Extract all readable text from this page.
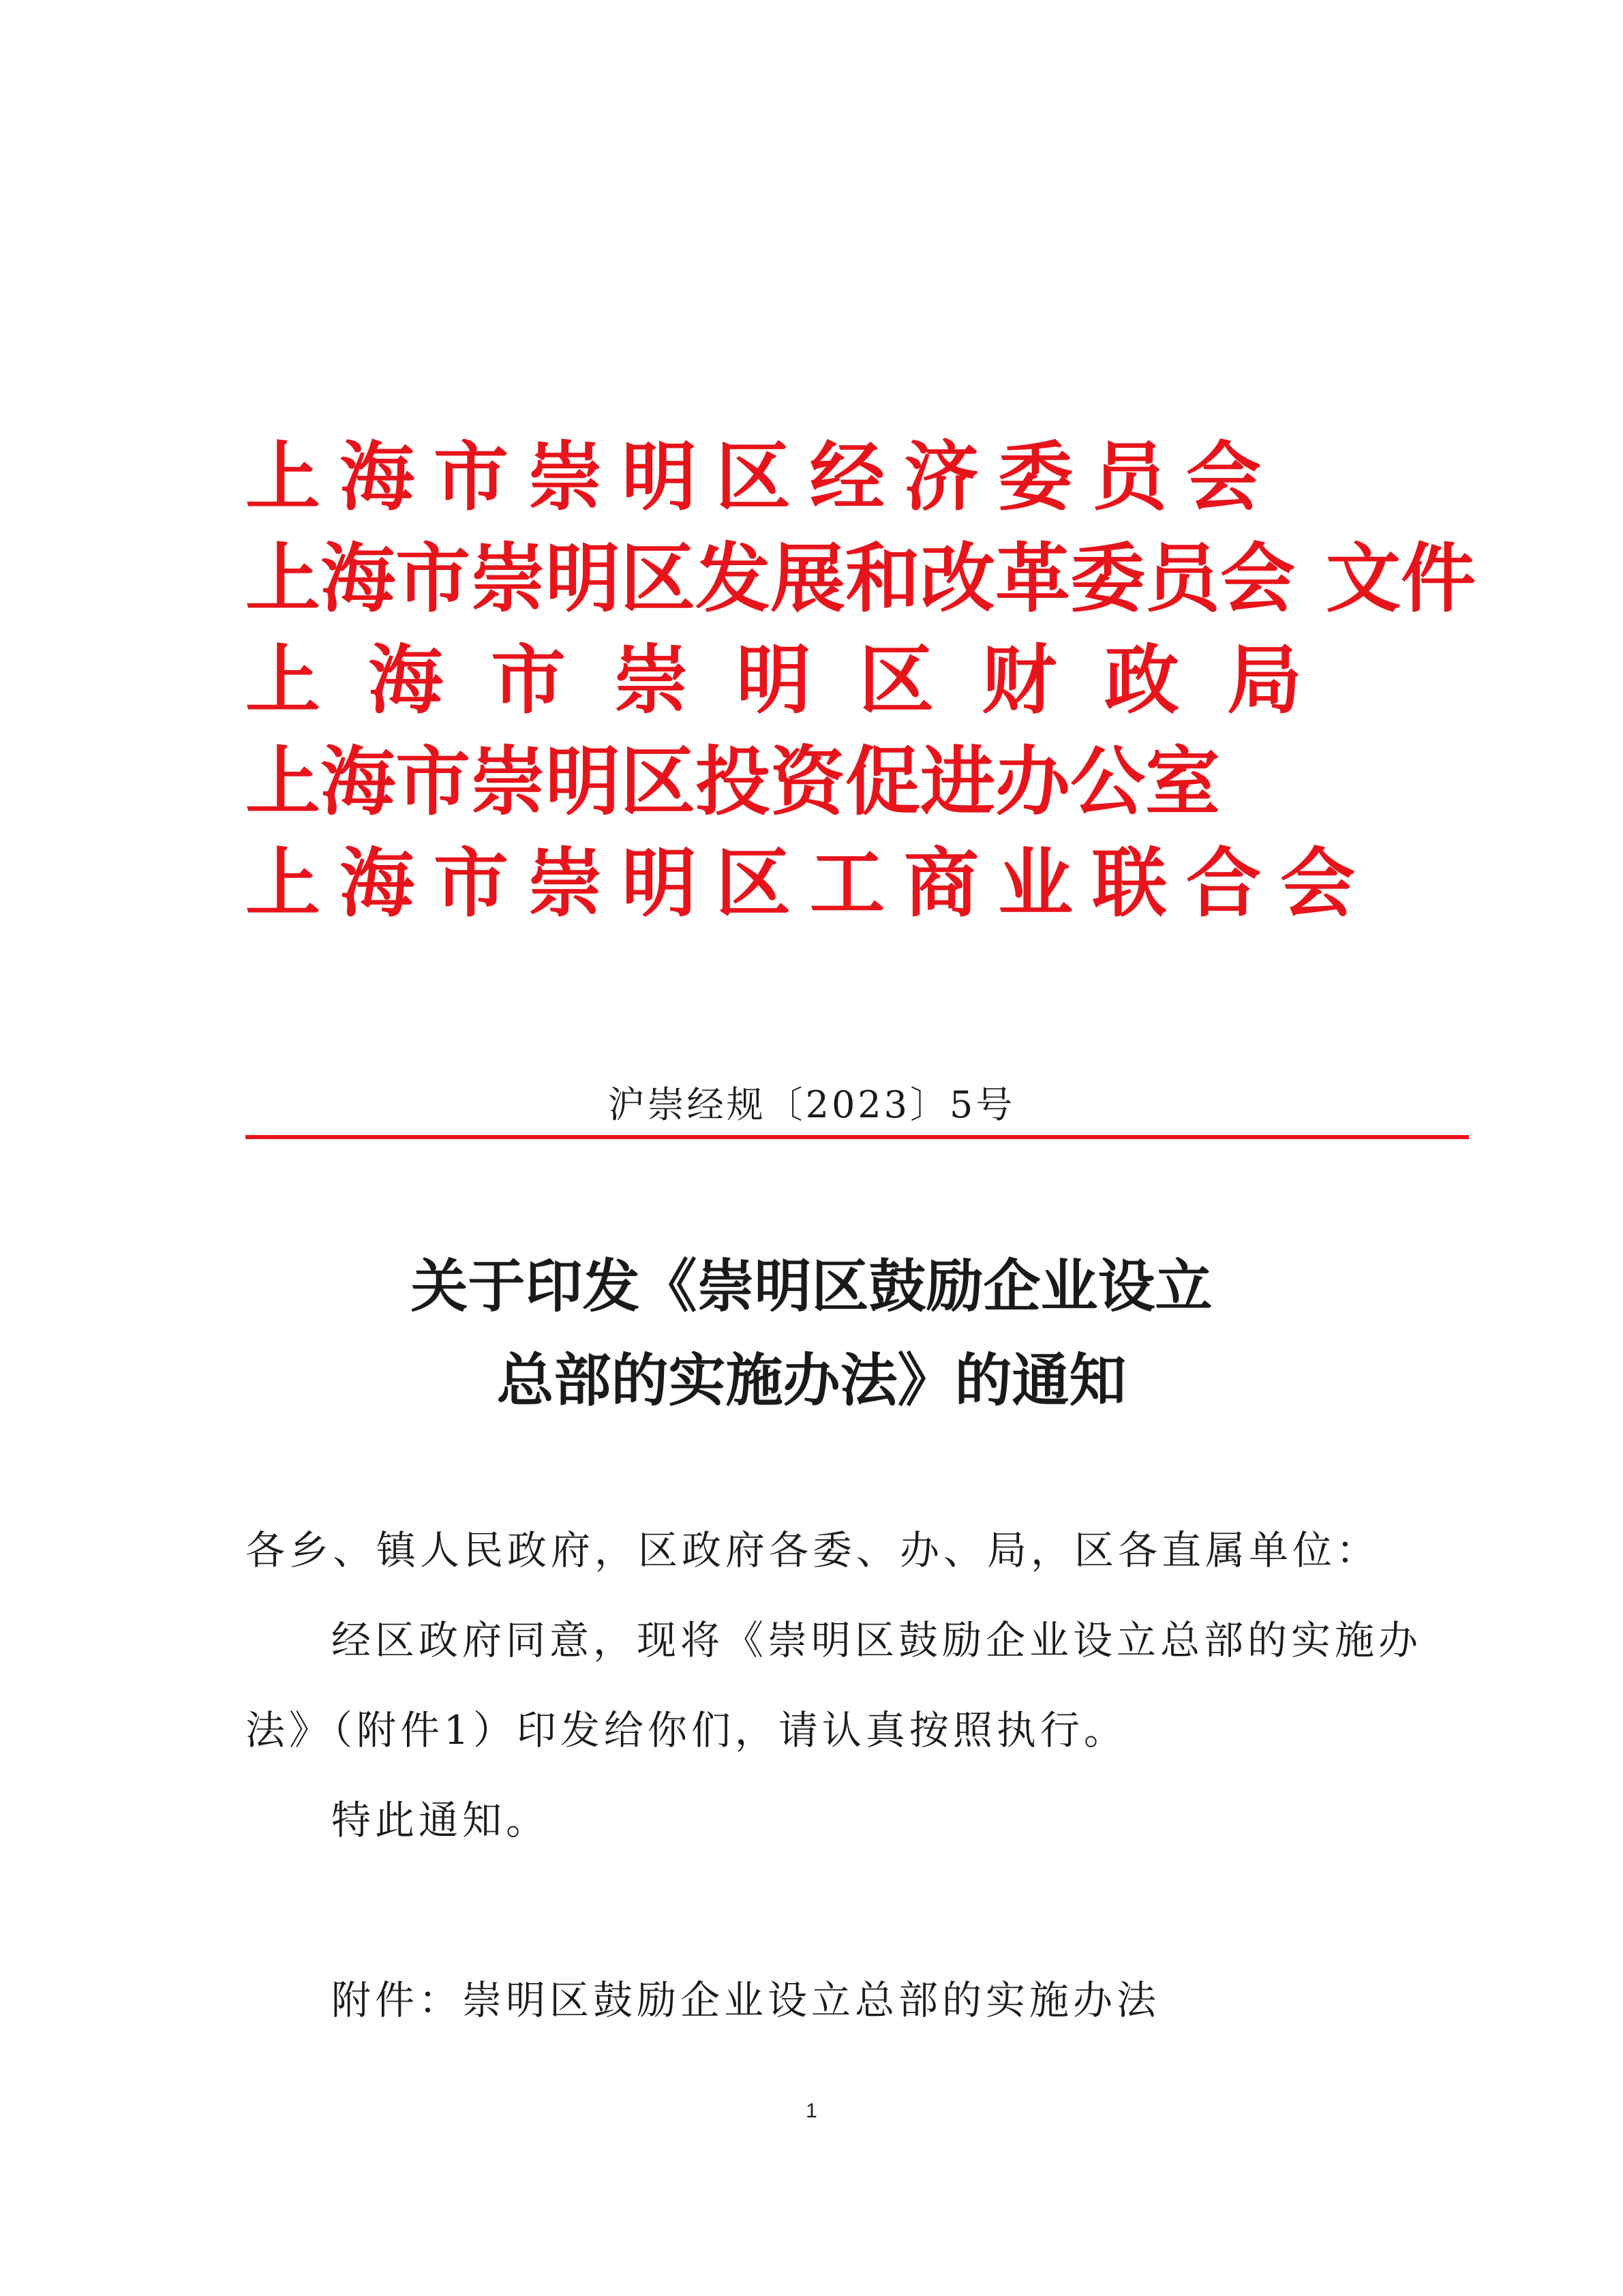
上海市崇明区经济委员会
上海市崇明区发展和改革委员会
上海市崇明区财政局
上海市崇明区投资促进办公室
上海市崇明区工商业联合会
文件
沪崇经规〔2023〕5号
关于印发《崇明区鼓励企业设立
总部的实施办法》的通知
各乡、镇人民政府，区政府各委、办、局，区各直属单位：
经区政府同意，现将《崇明区鼓励企业设立总部的实施办
法》（附件1）印发给你们，请认真按照执行。
特此通知。
附件：崇明区鼓励企业设立总部的实施办法
1
